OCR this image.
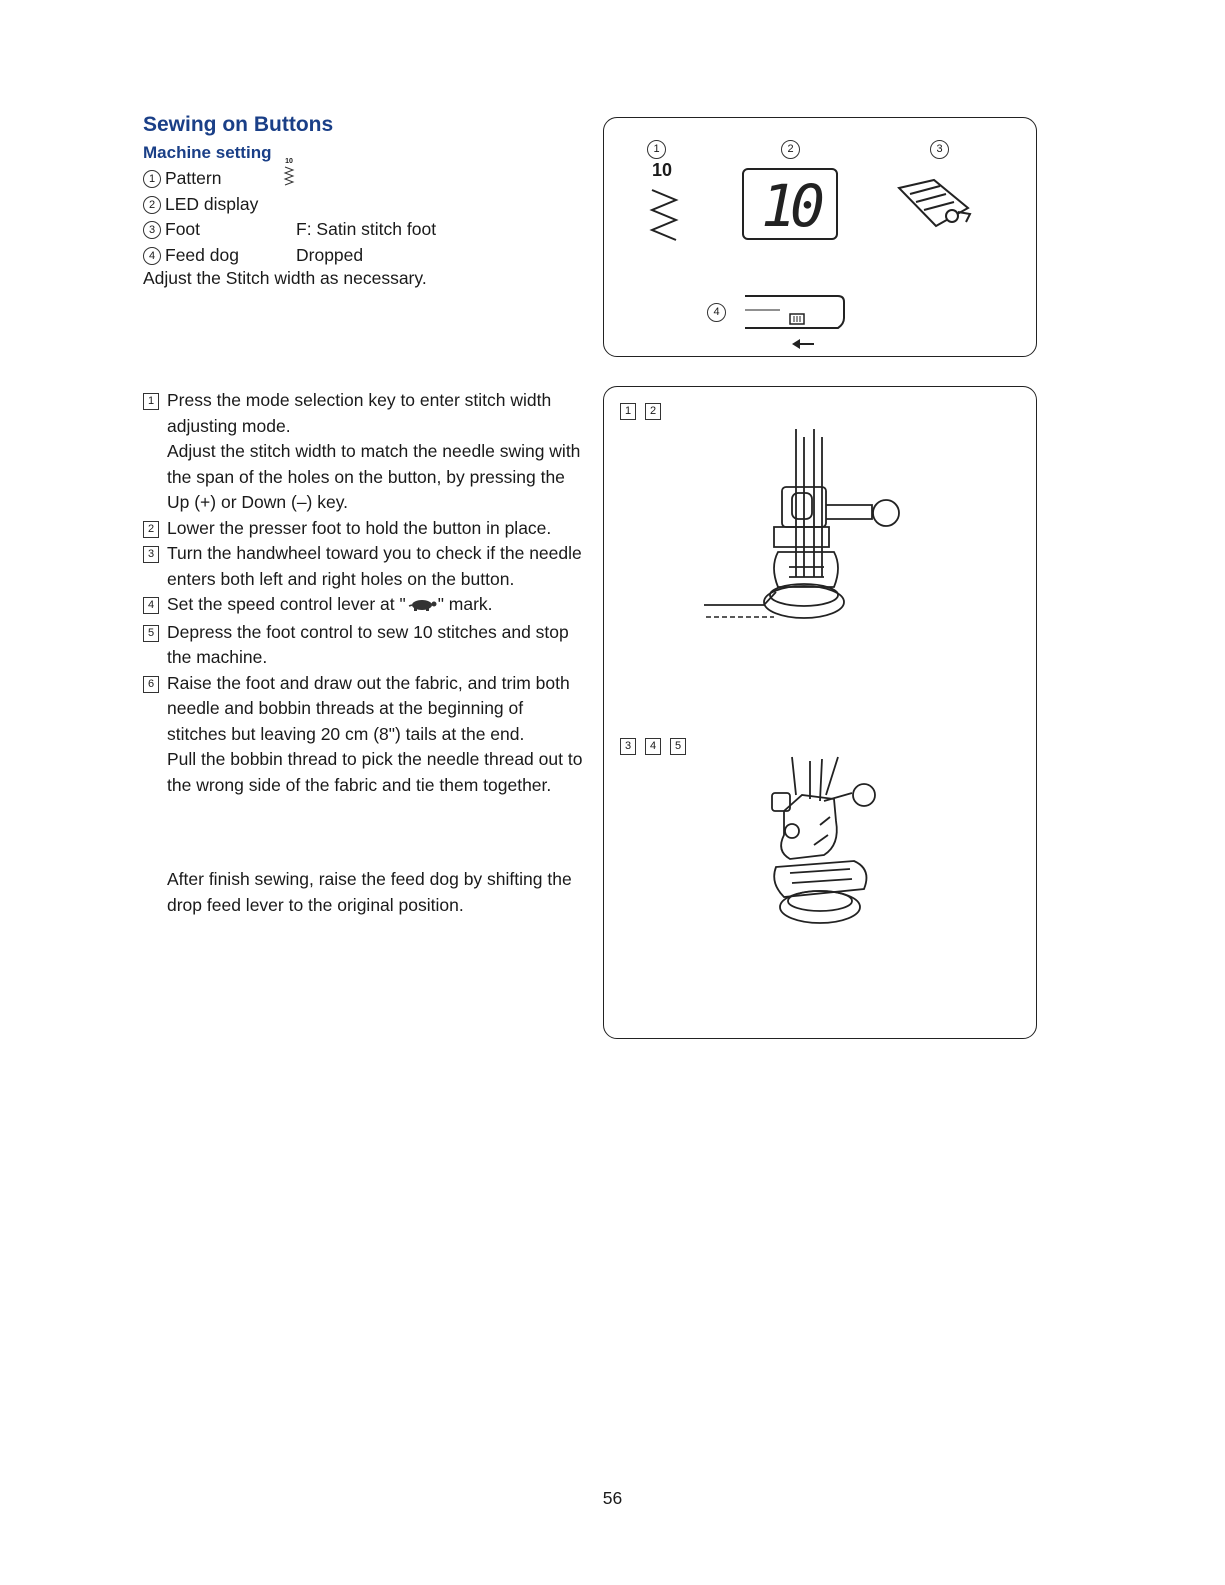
Sewing on Buttons
Machine setting	10
1 Pattern
2 LED display
3 Foot	F: Satin stitch foot
4 Feed dog	Dropped
Adjust the Stitch width as necessary.
1 Press the mode selection key to enter stitch width adjusting mode.
Adjust the stitch width to match the needle swing with the span of the holes on the button, by pressing the Up (+) or Down (–) key.
2 Lower the presser foot to hold the button in place.
3 Turn the handwheel toward you to check if the needle enters both left and right holes on the button.
4 Set the speed control lever at " " mark.
5 Depress the foot control to sew 10 stitches and stop the machine.
6 Raise the foot and draw out the fabric, and trim both needle and bobbin threads at the beginning of stitches but leaving 20 cm (8") tails at the end.
Pull the bobbin thread to pick the needle thread out to the wrong side of the fabric and tie them together.
After finish sewing, raise the feed dog by shifting the drop feed lever to the original position.
1	2	3
4
10
10
1	2
3	4	5
56
